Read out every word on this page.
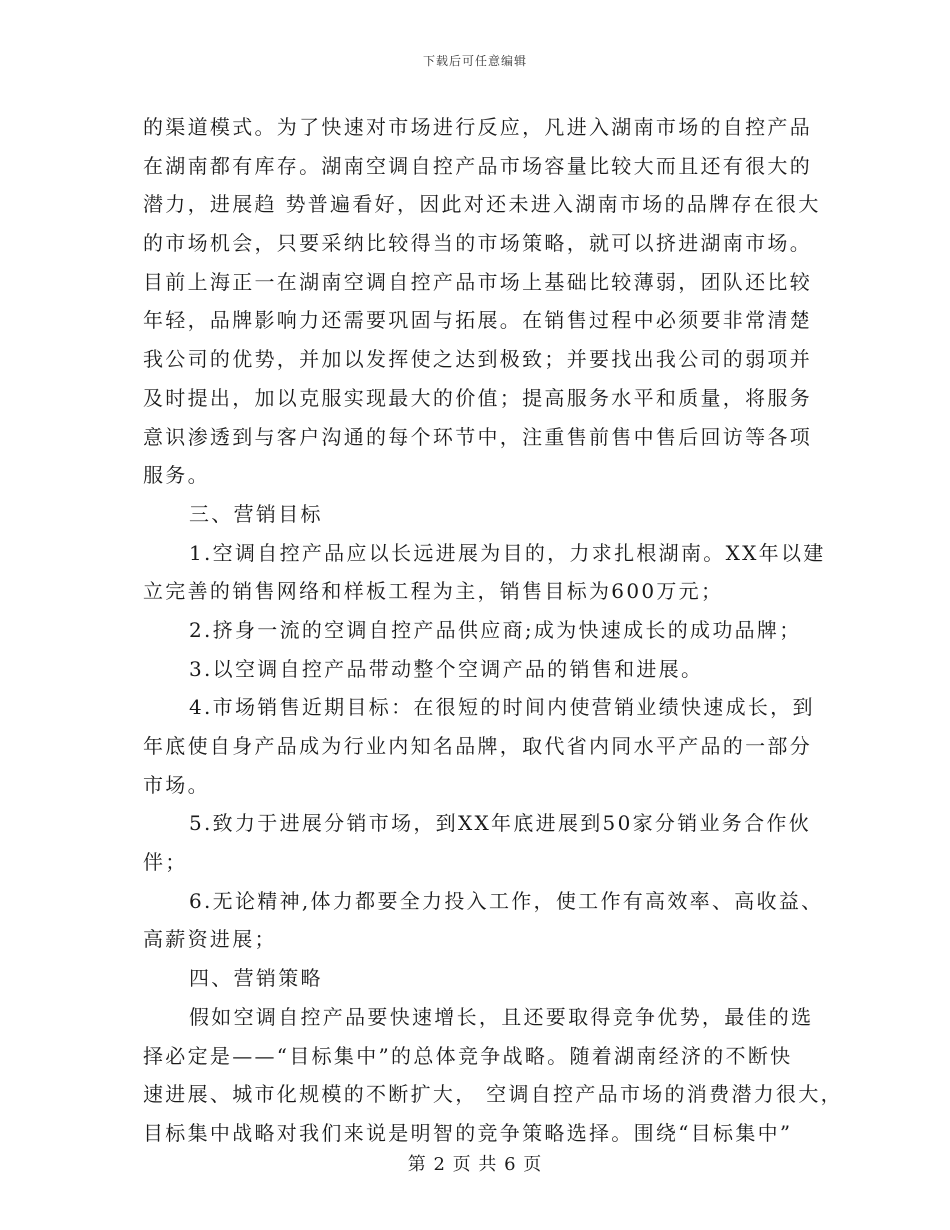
下载后可任意编辑
的渠道模式。为了快速对市场进行反应，凡进入湖南市场的自控产品
在湖南都有库存。湖南空调自控产品市场容量比较大而且还有很大的
潜力，进展趋 势普遍看好，因此对还未进入湖南市场的品牌存在很大
的市场机会，只要采纳比较得当的市场策略，就可以挤进湖南市场。
目前上海正一在湖南空调自控产品市场上基础比较薄弱，团队还比较
年轻，品牌影响力还需要巩固与拓展。在销售过程中必须要非常清楚
我公司的优势，并加以发挥使之达到极致；并要找出我公司的弱项并
及时提出，加以克服实现最大的价值；提高服务水平和质量，将服务
意识渗透到与客户沟通的每个环节中，注重售前售中售后回访等各项
服务。
三、营销目标
1.空调自控产品应以长远进展为目的，力求扎根湖南。XX年以建
立完善的销售网络和样板工程为主，销售目标为600万元；
2.挤身一流的空调自控产品供应商;成为快速成长的成功品牌；
3.以空调自控产品带动整个空调产品的销售和进展。
4.市场销售近期目标：在很短的时间内使营销业绩快速成长，到
年底使自身产品成为行业内知名品牌，取代省内同水平产品的一部分
市场。
5.致力于进展分销市场，到XX年底进展到50家分销业务合作伙
伴；
6.无论精神,体力都要全力投入工作，使工作有高效率、高收益、
高薪资进展；
四、营销策略
假如空调自控产品要快速增长，且还要取得竞争优势，最佳的选
择必定是——“目标集中”的总体竞争战略。随着湖南经济的不断快
速进展、城市化规模的不断扩大， 空调自控产品市场的消费潜力很大，
目标集中战略对我们来说是明智的竞争策略选择。围绕“目标集中”
第 2 页 共 6 页
